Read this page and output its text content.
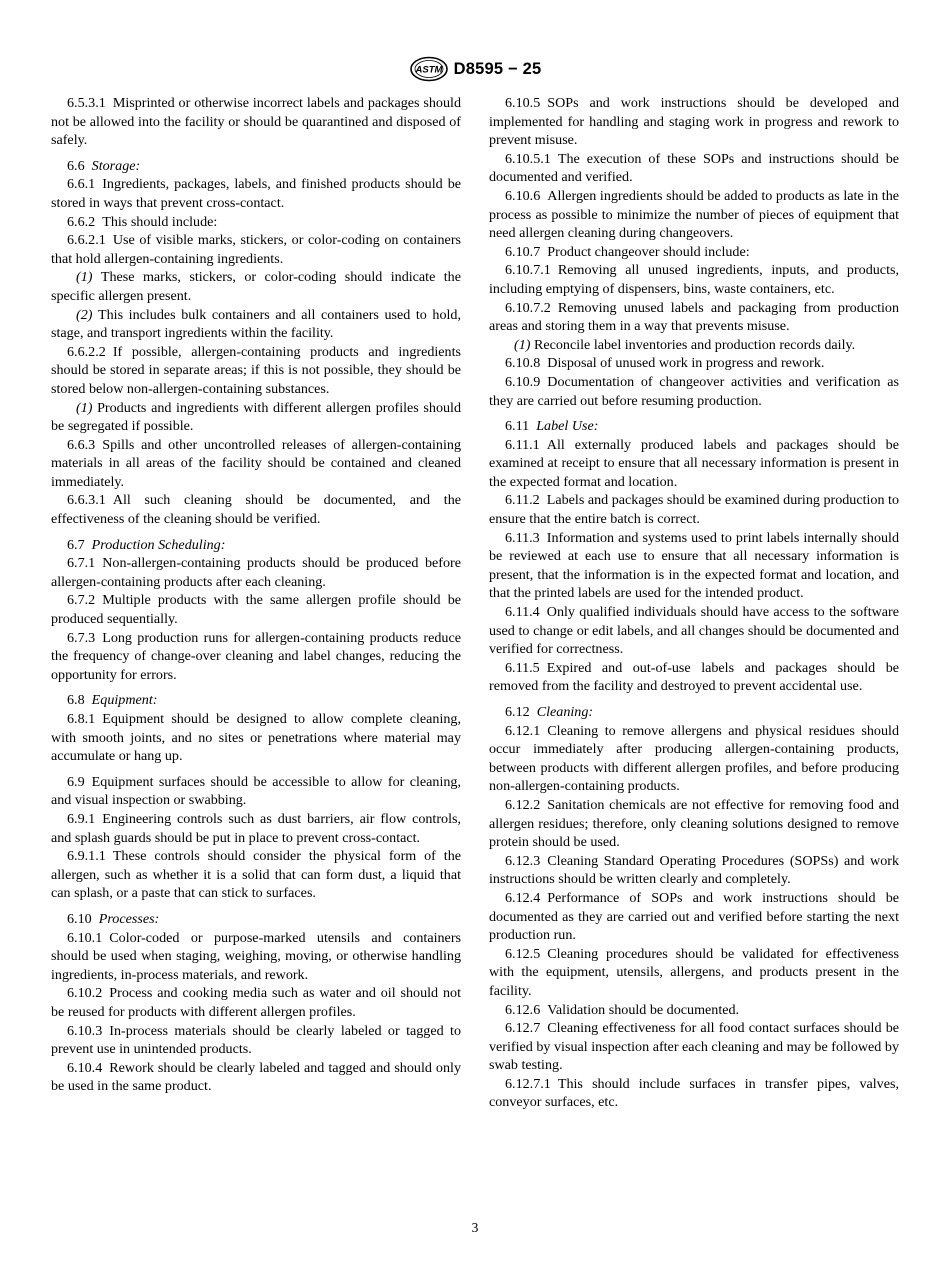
ASTM D8595 − 25

6.5.3.1  Misprinted or otherwise incorrect labels and packages should not be allowed into the facility or should be quarantined and disposed of safely.

6.6  Storage:

6.6.1  Ingredients, packages, labels, and finished products should be stored in ways that prevent cross-contact.

6.6.2  This should include:

6.6.2.1  Use of visible marks, stickers, or color-coding on containers that hold allergen-containing ingredients.

(1) These marks, stickers, or color-coding should indicate the specific allergen present.

(2) This includes bulk containers and all containers used to hold, stage, and transport ingredients within the facility.

6.6.2.2  If possible, allergen-containing products and ingredients should be stored in separate areas; if this is not possible, they should be stored below non-allergen-containing substances.

(1) Products and ingredients with different allergen profiles should be segregated if possible.

6.6.3  Spills and other uncontrolled releases of allergen-containing materials in all areas of the facility should be contained and cleaned immediately.

6.6.3.1  All such cleaning should be documented, and the effectiveness of the cleaning should be verified.

6.7  Production Scheduling:

6.7.1  Non-allergen-containing products should be produced before allergen-containing products after each cleaning.

6.7.2  Multiple products with the same allergen profile should be produced sequentially.

6.7.3  Long production runs for allergen-containing products reduce the frequency of change-over cleaning and label changes, reducing the opportunity for errors.

6.8  Equipment:

6.8.1  Equipment should be designed to allow complete cleaning, with smooth joints, and no sites or penetrations where material may accumulate or hang up.

6.9  Equipment surfaces should be accessible to allow for cleaning, and visual inspection or swabbing.

6.9.1  Engineering controls such as dust barriers, air flow controls, and splash guards should be put in place to prevent cross-contact.

6.9.1.1  These controls should consider the physical form of the allergen, such as whether it is a solid that can form dust, a liquid that can splash, or a paste that can stick to surfaces.

6.10  Processes:

6.10.1  Color-coded or purpose-marked utensils and containers should be used when staging, weighing, moving, or otherwise handling ingredients, in-process materials, and rework.

6.10.2  Process and cooking media such as water and oil should not be reused for products with different allergen profiles.

6.10.3  In-process materials should be clearly labeled or tagged to prevent use in unintended products.

6.10.4  Rework should be clearly labeled and tagged and should only be used in the same product.

6.10.5  SOPs and work instructions should be developed and implemented for handling and staging work in progress and rework to prevent misuse.

6.10.5.1  The execution of these SOPs and instructions should be documented and verified.

6.10.6  Allergen ingredients should be added to products as late in the process as possible to minimize the number of pieces of equipment that need allergen cleaning during changeovers.

6.10.7  Product changeover should include:

6.10.7.1  Removing all unused ingredients, inputs, and products, including emptying of dispensers, bins, waste containers, etc.

6.10.7.2  Removing unused labels and packaging from production areas and storing them in a way that prevents misuse.

(1) Reconcile label inventories and production records daily.

6.10.8  Disposal of unused work in progress and rework.

6.10.9  Documentation of changeover activities and verification as they are carried out before resuming production.

6.11  Label Use:

6.11.1  All externally produced labels and packages should be examined at receipt to ensure that all necessary information is present in the expected format and location.

6.11.2  Labels and packages should be examined during production to ensure that the entire batch is correct.

6.11.3  Information and systems used to print labels internally should be reviewed at each use to ensure that all necessary information is present, that the information is in the expected format and location, and that the printed labels are used for the intended product.

6.11.4  Only qualified individuals should have access to the software used to change or edit labels, and all changes should be documented and verified for correctness.

6.11.5  Expired and out-of-use labels and packages should be removed from the facility and destroyed to prevent accidental use.

6.12  Cleaning:

6.12.1  Cleaning to remove allergens and physical residues should occur immediately after producing allergen-containing products, between products with different allergen profiles, and before producing non-allergen-containing products.

6.12.2  Sanitation chemicals are not effective for removing food and allergen residues; therefore, only cleaning solutions designed to remove protein should be used.

6.12.3  Cleaning Standard Operating Procedures (SOPSs) and work instructions should be written clearly and completely.

6.12.4  Performance of SOPs and work instructions should be documented as they are carried out and verified before starting the next production run.

6.12.5  Cleaning procedures should be validated for effectiveness with the equipment, utensils, allergens, and products present in the facility.

6.12.6  Validation should be documented.

6.12.7  Cleaning effectiveness for all food contact surfaces should be verified by visual inspection after each cleaning and may be followed by swab testing.

6.12.7.1  This should include surfaces in transfer pipes, valves, conveyor surfaces, etc.

3
